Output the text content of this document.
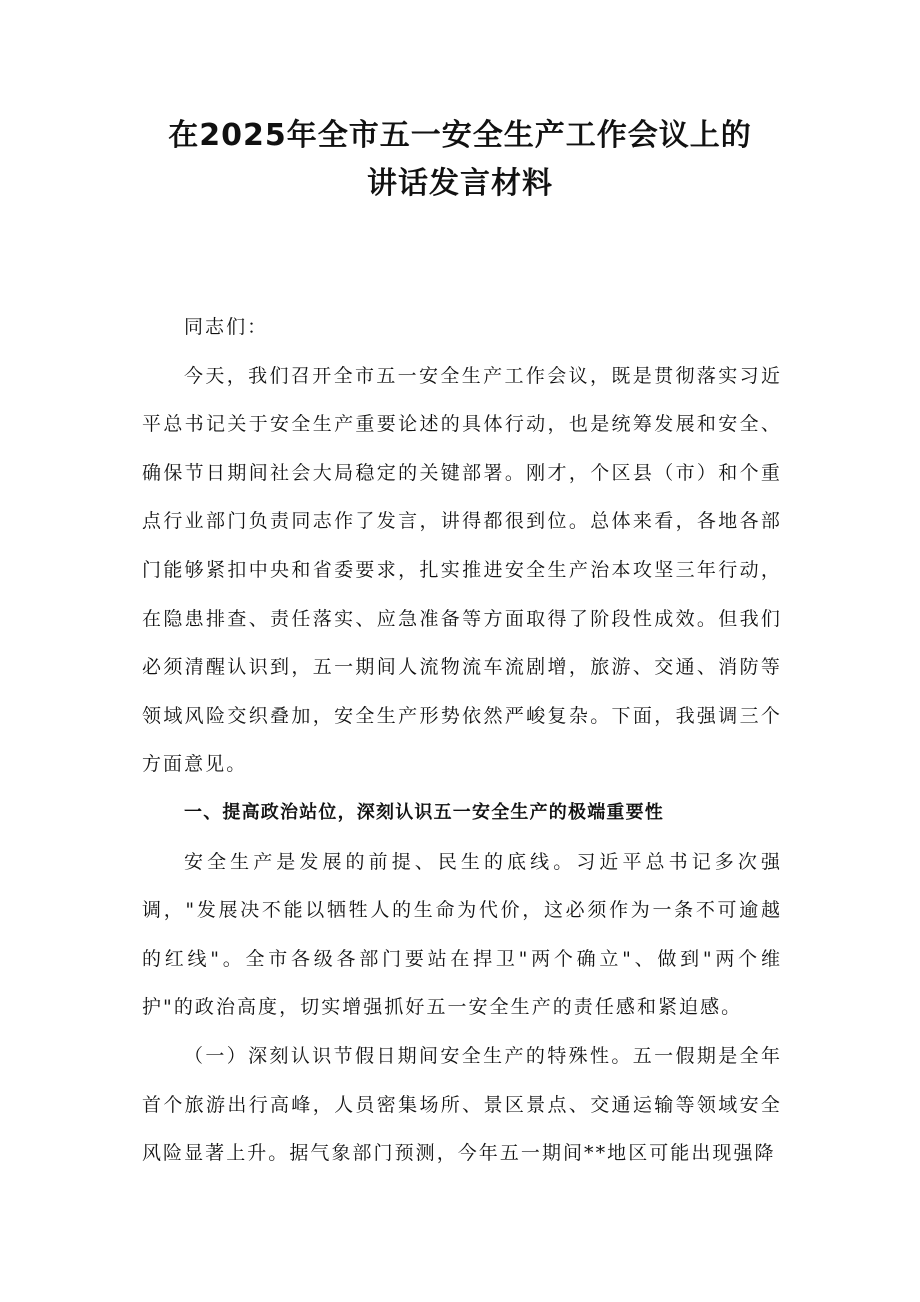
在2025年全市五一安全生产工作会议上的
讲话发言材料

同志们：

今天，我们召开全市五一安全生产工作会议，既是贯彻落实习近平总书记关于安全生产重要论述的具体行动，也是统筹发展和安全、确保节日期间社会大局稳定的关键部署。刚才，个区县（市）和个重点行业部门负责同志作了发言，讲得都很到位。总体来看，各地各部门能够紧扣中央和省委要求，扎实推进安全生产治本攻坚三年行动，在隐患排查、责任落实、应急准备等方面取得了阶段性成效。但我们必须清醒认识到，五一期间人流物流车流剧增，旅游、交通、消防等领域风险交织叠加，安全生产形势依然严峻复杂。下面，我强调三个方面意见。

一、提高政治站位，深刻认识五一安全生产的极端重要性

安全生产是发展的前提、民生的底线。习近平总书记多次强调，"发展决不能以牺牲人的生命为代价，这必须作为一条不可逾越的红线"。全市各级各部门要站在捍卫"两个确立"、做到"两个维护"的政治高度，切实增强抓好五一安全生产的责任感和紧迫感。

（一）深刻认识节假日期间安全生产的特殊性。五一假期是全年首个旅游出行高峰，人员密集场所、景区景点、交通运输等领域安全风险显著上升。据气象部门预测，今年五一期间**地区可能出现强降
